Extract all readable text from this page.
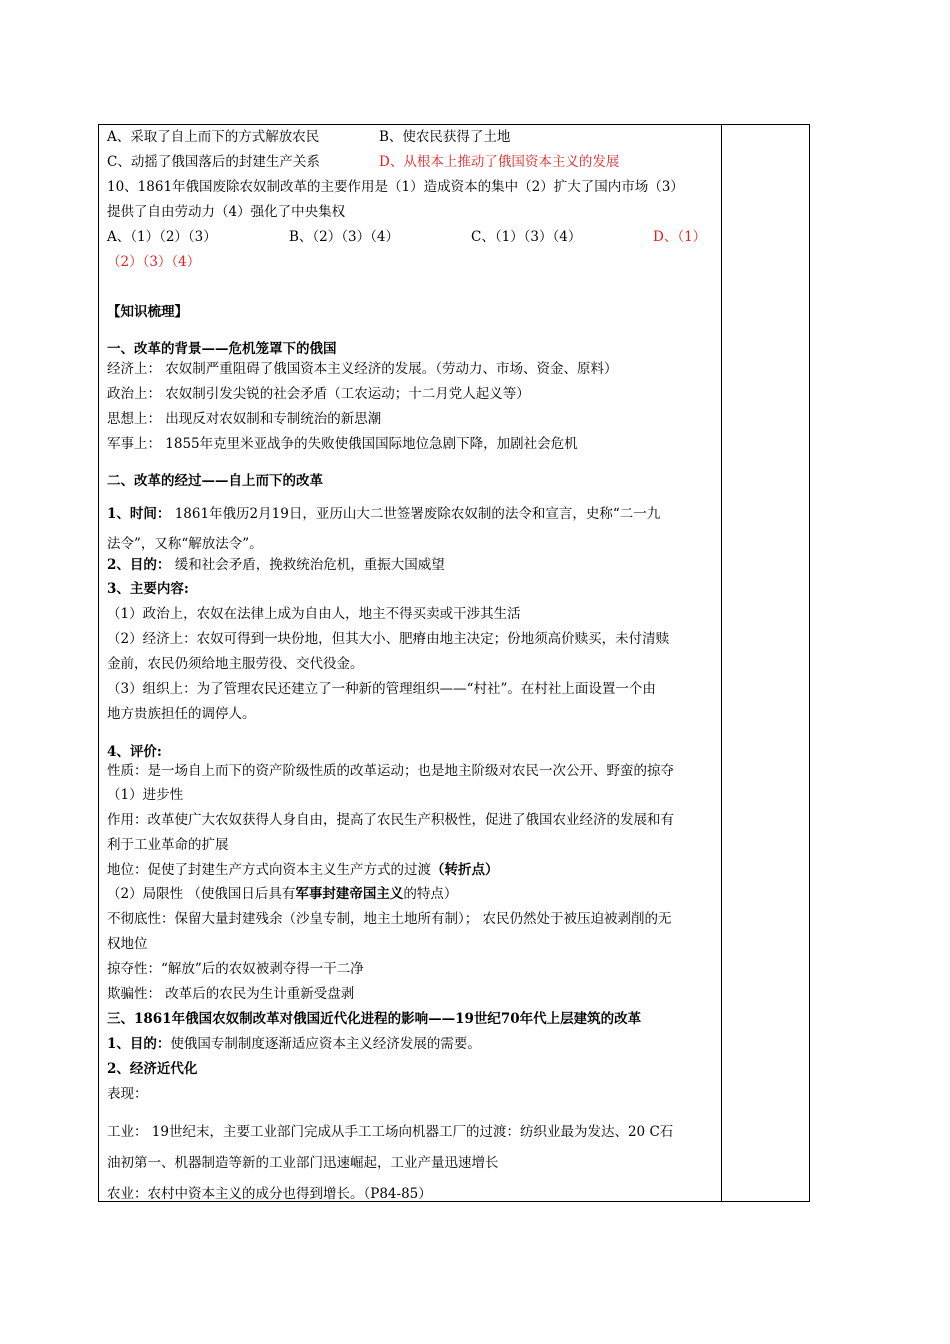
A、采取了自上而下的方式解放农民	B、使农民获得了土地
C、动摇了俄国落后的封建生产关系	D、从根本上推动了俄国资本主义的发展
10、1861年俄国废除农奴制改革的主要作用是（1）造成资本的集中（2）扩大了国内市场（3）
提供了自由劳动力（4）强化了中央集权
A、（1）（2）（3）	B、（2）（3）（4）	C、（1）（3）（4）	D、（1）
（2）（3）（4）
【知识梳理】
一、改革的背景——危机笼罩下的俄国
经济上： 农奴制严重阻碍了俄国资本主义经济的发展。（劳动力、市场、资金、原料）
政治上： 农奴制引发尖锐的社会矛盾（工农运动；十二月党人起义等）
思想上： 出现反对农奴制和专制统治的新思潮
军事上： 1855年克里米亚战争的失败使俄国国际地位急剧下降，加剧社会危机
二、改革的经过——自上而下的改革
1、时间： 1861年俄历2月19日，亚历山大二世签署废除农奴制的法令和宣言，史称“二一九
法令”，又称“解放法令”。
2、目的： 缓和社会矛盾，挽救统治危机，重振大国威望
3、主要内容:
（1）政治上，农奴在法律上成为自由人，地主不得买卖或干涉其生活
（2）经济上：农奴可得到一块份地，但其大小、肥瘠由地主决定；份地须高价赎买，未付清赎
金前，农民仍须给地主服劳役、交代役金。
（3）组织上：为了管理农民还建立了一种新的管理组织——“村社”。在村社上面设置一个由
地方贵族担任的调停人。
4、评价:
性质：是一场自上而下的资产阶级性质的改革运动；也是地主阶级对农民一次公开、野蛮的掠夺
（1）进步性
作用：改革使广大农奴获得人身自由，提高了农民生产积极性，促进了俄国农业经济的发展和有
利于工业革命的扩展
地位：促使了封建生产方式向资本主义生产方式的过渡（转折点）
（2）局限性 （使俄国日后具有军事封建帝国主义的特点）
不彻底性：保留大量封建残余（沙皇专制，地主土地所有制）； 农民仍然处于被压迫被剥削的无
权地位
掠夺性：“解放”后的农奴被剥夺得一干二净
欺骗性： 改革后的农民为生计重新受盘剥
三、1861年俄国农奴制改革对俄国近代化进程的影响——19世纪70年代上层建筑的改革
1、目的：使俄国专制制度逐渐适应资本主义经济发展的需要。
2、经济近代化
表现：
工业： 19世纪末，主要工业部门完成从手工工场向机器工厂的过渡：纺织业最为发达、20 C石
油初第一、机器制造等新的工业部门迅速崛起，工业产量迅速增长
农业：农村中资本主义的成分也得到增长。（P84-85）
